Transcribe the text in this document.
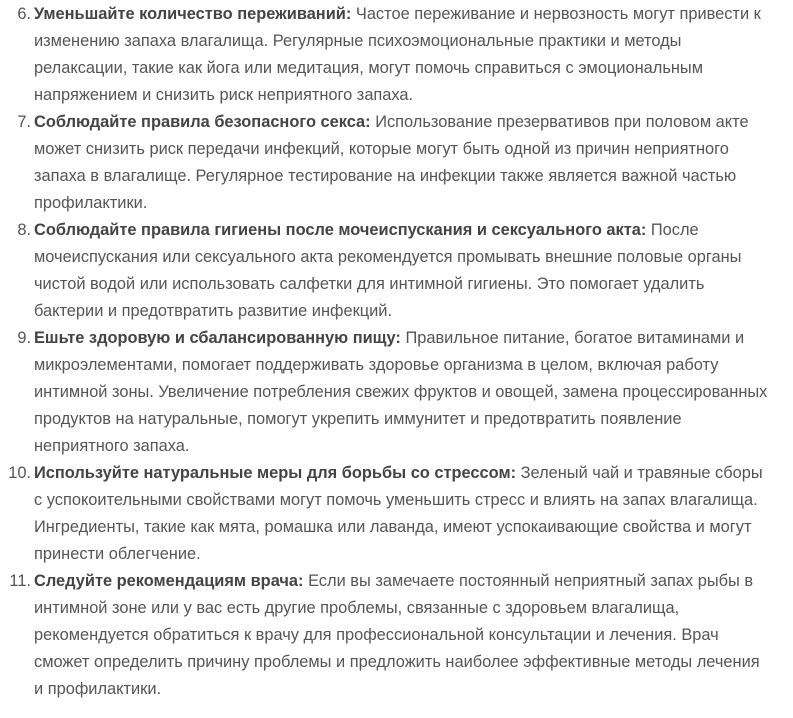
6. Уменьшайте количество переживаний: Частое переживание и нервозность могут привести к изменению запаха влагалища. Регулярные психоэмоциональные практики и методы релаксации, такие как йога или медитация, могут помочь справиться с эмоциональным напряжением и снизить риск неприятного запаха.
7. Соблюдайте правила безопасного секса: Использование презервативов при половом акте может снизить риск передачи инфекций, которые могут быть одной из причин неприятного запаха в влагалище. Регулярное тестирование на инфекции также является важной частью профилактики.
8. Соблюдайте правила гигиены после мочеиспускания и сексуального акта: После мочеиспускания или сексуального акта рекомендуется промывать внешние половые органы чистой водой или использовать салфетки для интимной гигиены. Это помогает удалить бактерии и предотвратить развитие инфекций.
9. Ешьте здоровую и сбалансированную пищу: Правильное питание, богатое витаминами и микроэлементами, помогает поддерживать здоровье организма в целом, включая работу интимной зоны. Увеличение потребления свежих фруктов и овощей, замена процессированных продуктов на натуральные, помогут укрепить иммунитет и предотвратить появление неприятного запаха.
10. Используйте натуральные меры для борьбы со стрессом: Зеленый чай и травяные сборы с успокоительными свойствами могут помочь уменьшить стресс и влиять на запах влагалища. Ингредиенты, такие как мята, ромашка или лаванда, имеют успокаивающие свойства и могут принести облегчение.
11. Следуйте рекомендациям врача: Если вы замечаете постоянный неприятный запах рыбы в интимной зоне или у вас есть другие проблемы, связанные с здоровьем влагалища, рекомендуется обратиться к врачу для профессиональной консультации и лечения. Врач сможет определить причину проблемы и предложить наиболее эффективные методы лечения и профилактики.
